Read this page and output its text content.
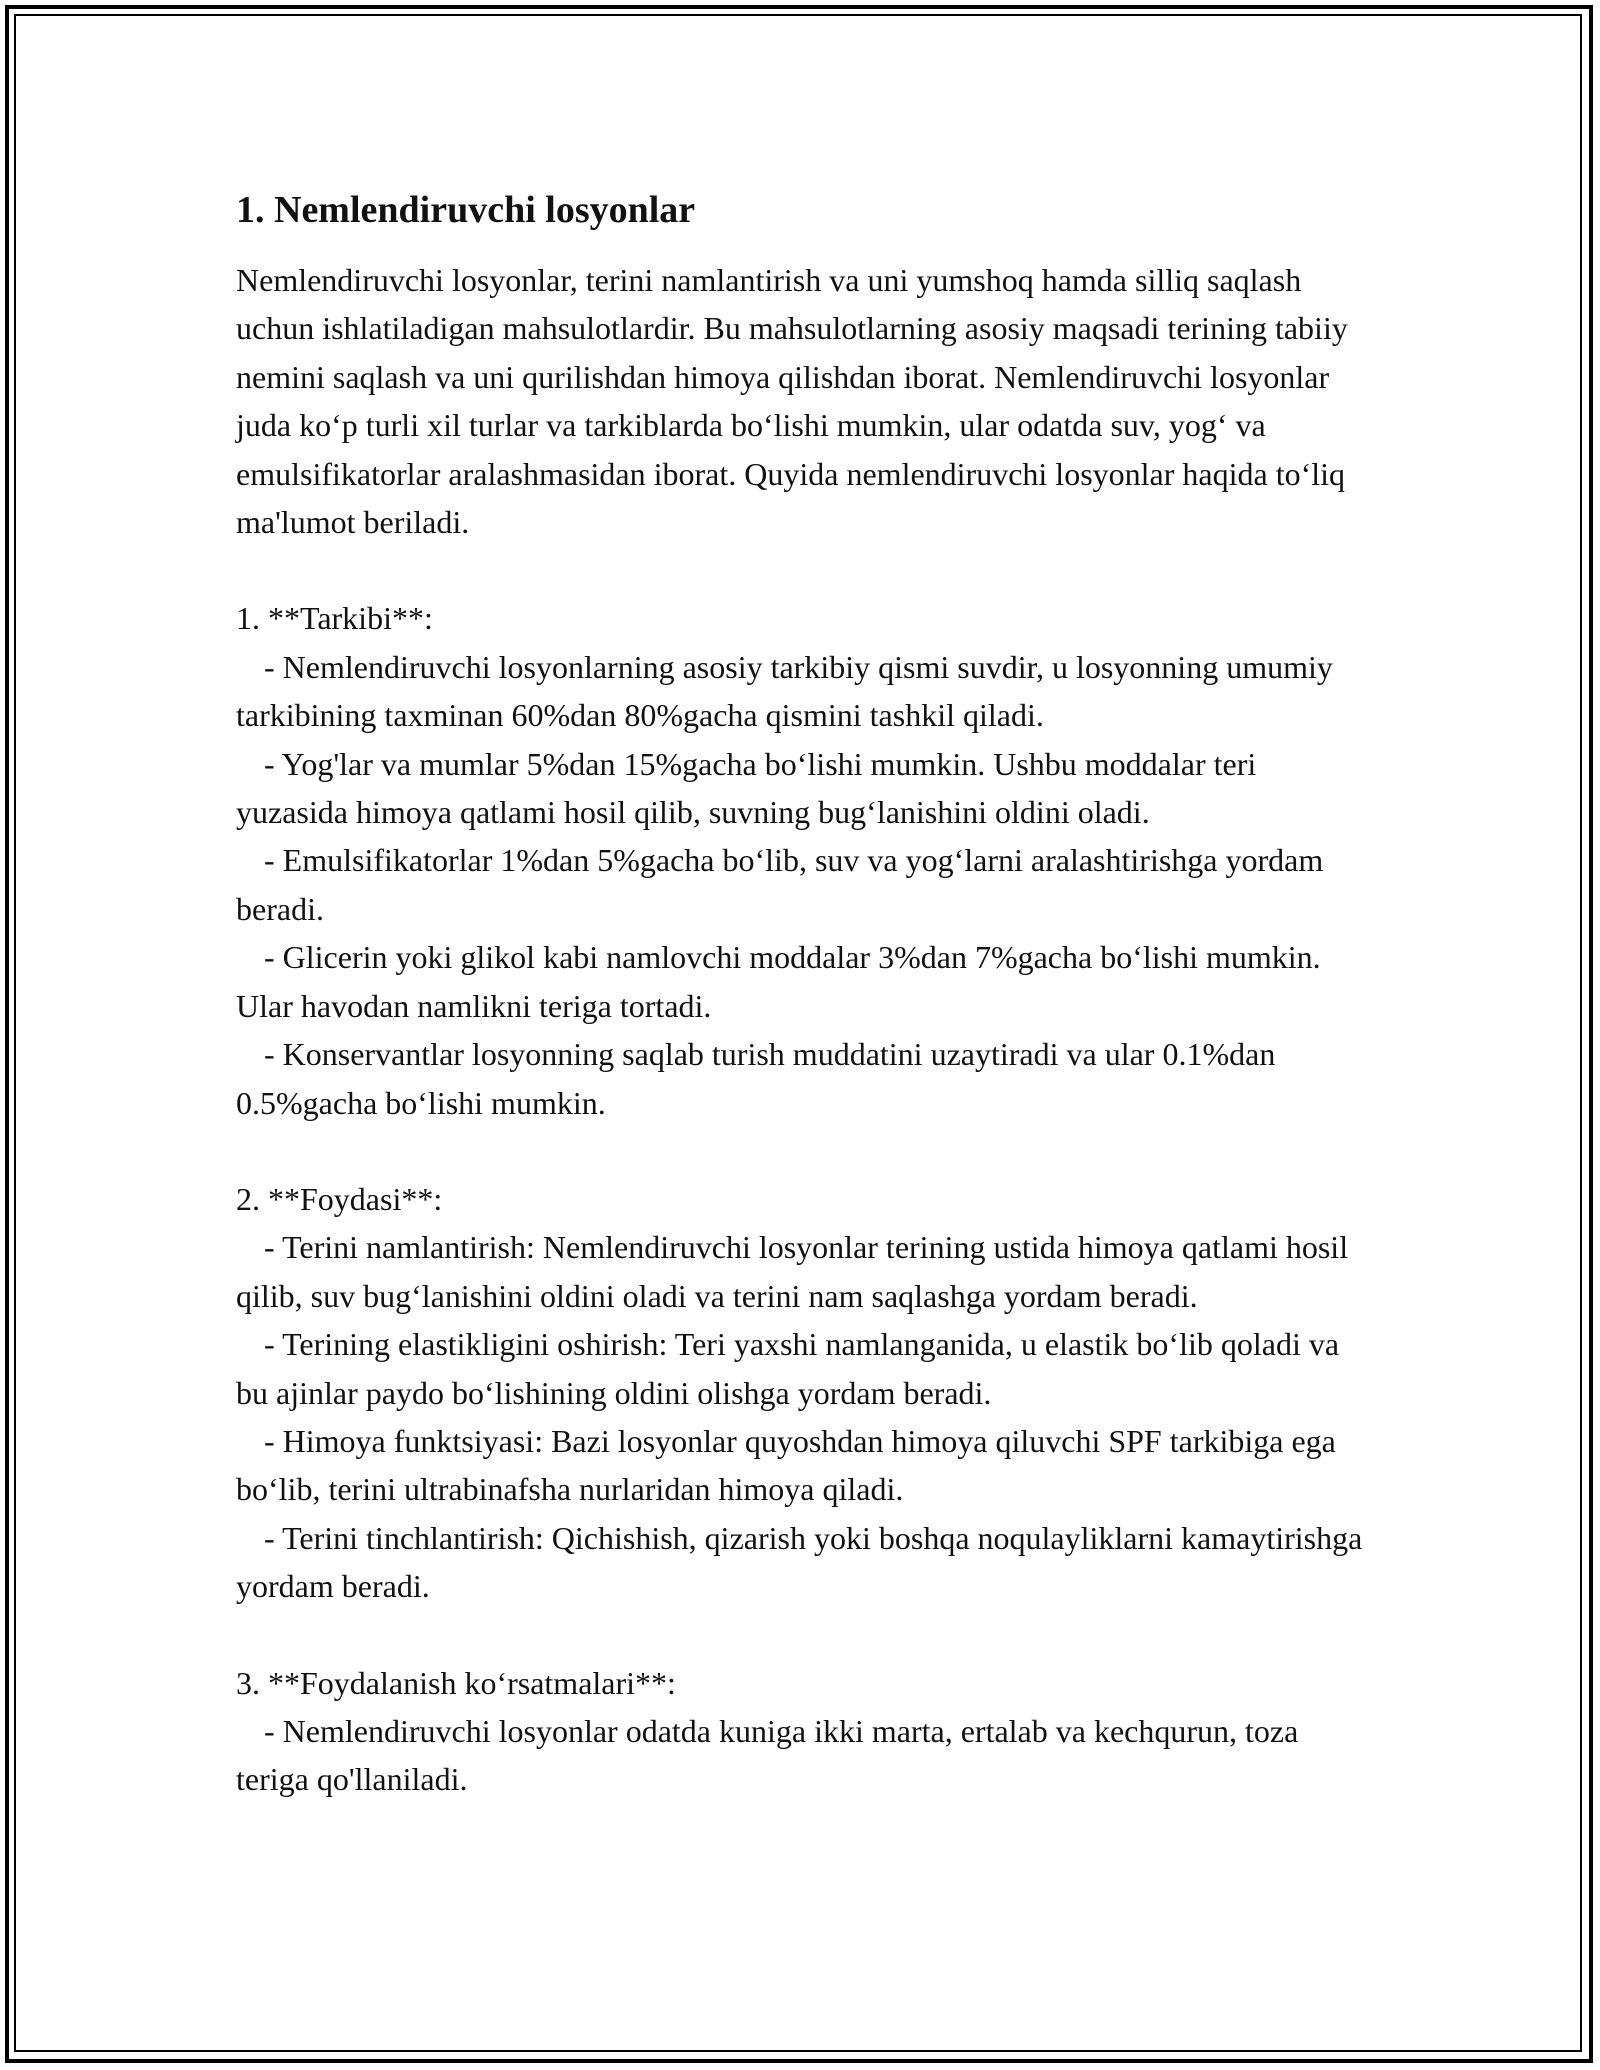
1. Nemlendiruvchi losyonlar

Nemlendiruvchi losyonlar, terini namlantirish va uni yumshoq hamda silliq saqlash uchun ishlatiladigan mahsulotlardir. Bu mahsulotlarning asosiy maqsadi terining tabiiy nemini saqlash va uni qurilishdan himoya qilishdan iborat. Nemlendiruvchi losyonlar juda koʻp turli xil turlar va tarkiblarda boʻlishi mumkin, ular odatda suv, yogʻ va emulsifikatorlar aralashmasidan iborat. Quyida nemlendiruvchi losyonlar haqida toʻliq ma'lumot beriladi.

1. **Tarkibi**:

- Nemlendiruvchi losyonlarning asosiy tarkibiy qismi suvdir, u losyonning umumiy tarkibining taxminan 60%dan 80%gacha qismini tashkil qiladi.

- Yog'lar va mumlar 5%dan 15%gacha boʻlishi mumkin. Ushbu moddalar teri yuzasida himoya qatlami hosil qilib, suvning bugʻlanishini oldini oladi.

- Emulsifikatorlar 1%dan 5%gacha boʻlib, suv va yogʻlarni aralashtirishga yordam beradi.

- Glicerin yoki glikol kabi namlovchi moddalar 3%dan 7%gacha boʻlishi mumkin. Ular havodan namlikni teriga tortadi.

- Konservantlar losyonning saqlab turish muddatini uzaytiradi va ular 0.1%dan 0.5%gacha boʻlishi mumkin.

2. **Foydasi**:

- Terini namlantirish: Nemlendiruvchi losyonlar terining ustida himoya qatlami hosil qilib, suv bugʻlanishini oldini oladi va terini nam saqlashga yordam beradi.

- Terining elastikligini oshirish: Teri yaxshi namlanganida, u elastik boʻlib qoladi va bu ajinlar paydo boʻlishining oldini olishga yordam beradi.

- Himoya funktsiyasi: Bazi losyonlar quyoshdan himoya qiluvchi SPF tarkibiga ega boʻlib, terini ultrabinafsha nurlaridan himoya qiladi.

- Terini tinchlantirish: Qichishish, qizarish yoki boshqa noqulayliklarni kamaytirishga yordam beradi.

3. **Foydalanish koʻrsatmalari**:

- Nemlendiruvchi losyonlar odatda kuniga ikki marta, ertalab va kechqurun, toza teriga qo'llaniladi.
